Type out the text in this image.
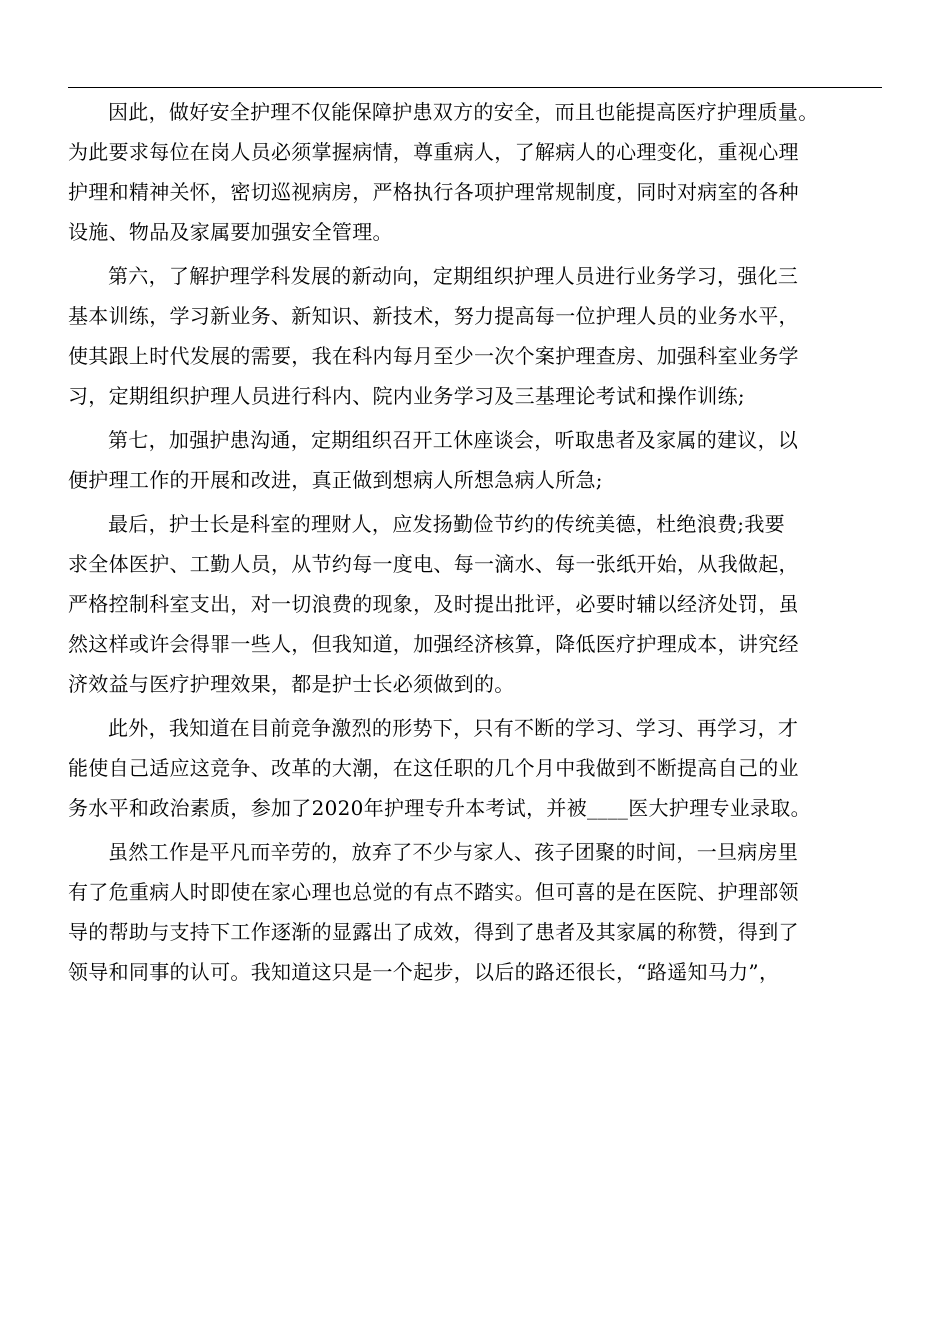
因此，做好安全护理不仅能保障护患双方的安全，而且也能提高医疗护理质量。
为此要求每位在岗人员必须掌握病情，尊重病人，了解病人的心理变化，重视心理
护理和精神关怀，密切巡视病房，严格执行各项护理常规制度，同时对病室的各种
设施、物品及家属要加强安全管理。
第六，了解护理学科发展的新动向，定期组织护理人员进行业务学习，强化三
基本训练，学习新业务、新知识、新技术，努力提高每一位护理人员的业务水平，
使其跟上时代发展的需要，我在科内每月至少一次个案护理查房、加强科室业务学
习，定期组织护理人员进行科内、院内业务学习及三基理论考试和操作训练;
第七，加强护患沟通，定期组织召开工休座谈会，听取患者及家属的建议，以
便护理工作的开展和改进，真正做到想病人所想急病人所急;
最后，护士长是科室的理财人，应发扬勤俭节约的传统美德，杜绝浪费;我要
求全体医护、工勤人员，从节约每一度电、每一滴水、每一张纸开始，从我做起，
严格控制科室支出，对一切浪费的现象，及时提出批评，必要时辅以经济处罚，虽
然这样或许会得罪一些人，但我知道，加强经济核算，降低医疗护理成本，讲究经
济效益与医疗护理效果，都是护士长必须做到的。
此外，我知道在目前竞争激烈的形势下，只有不断的学习、学习、再学习，才
能使自己适应这竞争、改革的大潮，在这任职的几个月中我做到不断提高自己的业
务水平和政治素质，参加了2020年护理专升本考试，并被____医大护理专业录取。
虽然工作是平凡而辛劳的，放弃了不少与家人、孩子团聚的时间，一旦病房里
有了危重病人时即使在家心理也总觉的有点不踏实。但可喜的是在医院、护理部领
导的帮助与支持下工作逐渐的显露出了成效，得到了患者及其家属的称赞，得到了
领导和同事的认可。我知道这只是一个起步，以后的路还很长，“路遥知马力”，
